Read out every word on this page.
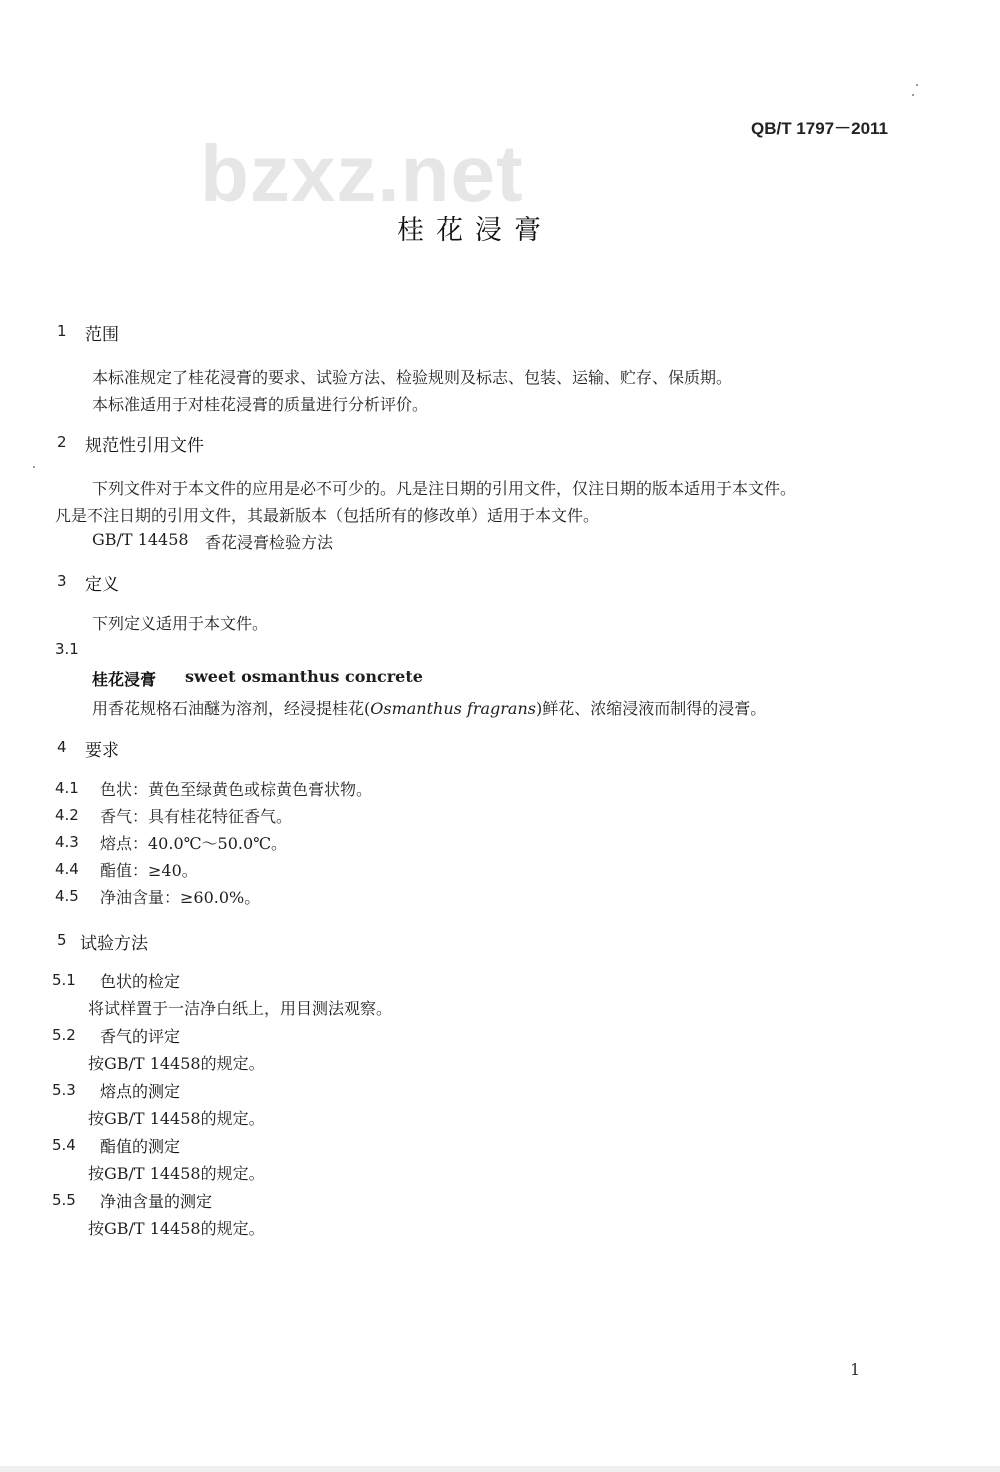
bzxz.net
QB/T 1797－2011
桂花浸膏
1 范围
本标准规定了桂花浸膏的要求、试验方法、检验规则及标志、包装、运输、贮存、保质期。
本标准适用于对桂花浸膏的质量进行分析评价。
2 规范性引用文件
下列文件对于本文件的应用是必不可少的。凡是注日期的引用文件，仅注日期的版本适用于本文件。
凡是不注日期的引用文件，其最新版本（包括所有的修改单）适用于本文件。
GB/T 14458 香花浸膏检验方法
3 定义
下列定义适用于本文件。
3.1
桂花浸膏 sweet osmanthus concrete
用香花规格石油醚为溶剂，经浸提桂花(Osmanthus fragrans)鲜花、浓缩浸液而制得的浸膏。
4 要求
4.1 色状：黄色至绿黄色或棕黄色膏状物。
4.2 香气：具有桂花特征香气。
4.3 熔点：40.0℃～50.0℃。
4.4 酯值：≥40。
4.5 净油含量：≥60.0%。
5 试验方法
5.1 色状的检定
将试样置于一洁净白纸上，用目测法观察。
5.2 香气的评定
按GB/T 14458的规定。
5.3 熔点的测定
按GB/T 14458的规定。
5.4 酯值的测定
按GB/T 14458的规定。
5.5 净油含量的测定
按GB/T 14458的规定。
1
